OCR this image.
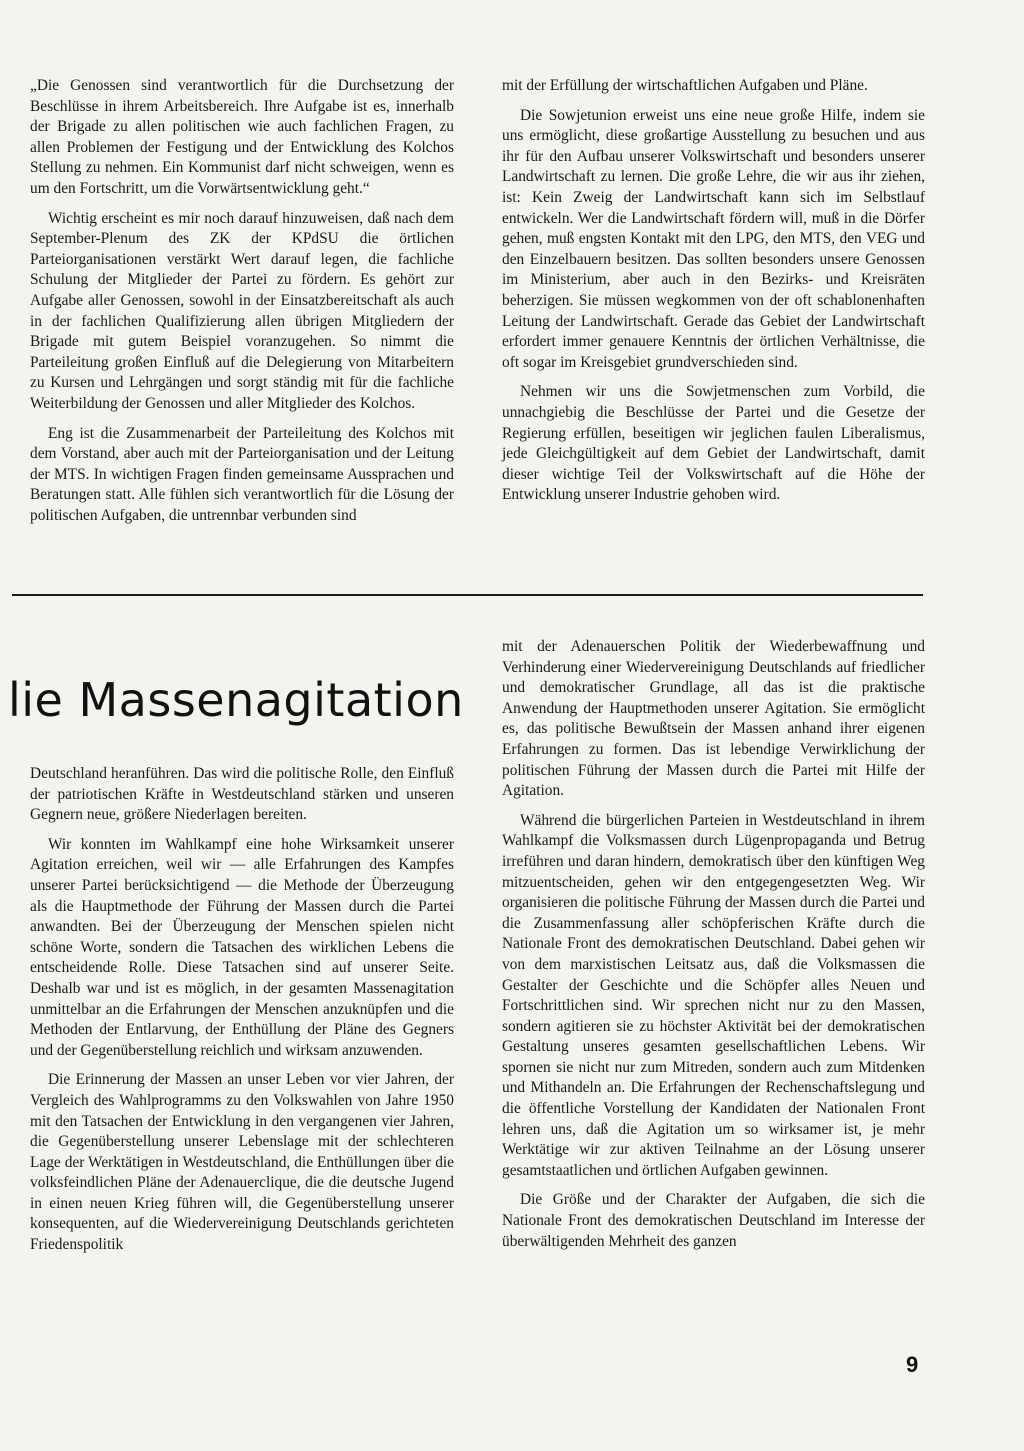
„Die Genossen sind verantwortlich für die Durchsetzung der Beschlüsse in ihrem Arbeitsbereich. Ihre Aufgabe ist es, innerhalb der Brigade zu allen politischen wie auch fachlichen Fragen, zu allen Problemen der Festigung und der Entwicklung des Kolchos Stellung zu nehmen. Ein Kommunist darf nicht schweigen, wenn es um den Fortschritt, um die Vorwärtsentwicklung geht.“

Wichtig erscheint es mir noch darauf hinzuweisen, daß nach dem September-Plenum des ZK der KPdSU die örtlichen Parteiorganisationen verstärkt Wert darauf legen, die fachliche Schulung der Mitglieder der Partei zu fördern. Es gehört zur Aufgabe aller Genossen, sowohl in der Einsatzbereitschaft als auch in der fachlichen Qualifizierung allen übrigen Mitgliedern der Brigade mit gutem Beispiel voranzugehen. So nimmt die Parteileitung großen Einfluß auf die Delegierung von Mitarbeitern zu Kursen und Lehrgängen und sorgt ständig mit für die fachliche Weiterbildung der Genossen und aller Mitglieder des Kolchos.

Eng ist die Zusammenarbeit der Parteileitung des Kolchos mit dem Vorstand, aber auch mit der Parteiorganisation und der Leitung der MTS. In wichtigen Fragen finden gemeinsame Aussprachen und Beratungen statt. Alle fühlen sich verantwortlich für die Lösung der politischen Aufgaben, die untrennbar verbunden sind

mit der Erfüllung der wirtschaftlichen Aufgaben und Pläne.

Die Sowjetunion erweist uns eine neue große Hilfe, indem sie uns ermöglicht, diese großartige Ausstellung zu besuchen und aus ihr für den Aufbau unserer Volkswirtschaft und besonders unserer Landwirtschaft zu lernen. Die große Lehre, die wir aus ihr ziehen, ist: Kein Zweig der Landwirtschaft kann sich im Selbstlauf entwickeln. Wer die Landwirtschaft fördern will, muß in die Dörfer gehen, muß engsten Kontakt mit den LPG, den MTS, den VEG und den Einzelbauern besitzen. Das sollten besonders unsere Genossen im Ministerium, aber auch in den Bezirks- und Kreisräten beherzigen. Sie müssen wegkommen von der oft schablonenhaften Leitung der Landwirtschaft. Gerade das Gebiet der Landwirtschaft erfordert immer genauere Kenntnis der örtlichen Verhältnisse, die oft sogar im Kreisgebiet grundverschieden sind.

Nehmen wir uns die Sowjetmenschen zum Vorbild, die unnachgiebig die Beschlüsse der Partei und die Gesetze der Regierung erfüllen, beseitigen wir jeglichen faulen Liberalismus, jede Gleichgültigkeit auf dem Gebiet der Landwirtschaft, damit dieser wichtige Teil der Volkswirtschaft auf die Höhe der Entwicklung unserer Industrie gehoben wird.

lie Massenagitation

Deutschland heranführen. Das wird die politische Rolle, den Einfluß der patriotischen Kräfte in Westdeutschland stärken und unseren Gegnern neue, größere Niederlagen bereiten.

Wir konnten im Wahlkampf eine hohe Wirksamkeit unserer Agitation erreichen, weil wir — alle Erfahrungen des Kampfes unserer Partei berücksichtigend — die Methode der Überzeugung als die Hauptmethode der Führung der Massen durch die Partei anwandten. Bei der Überzeugung der Menschen spielen nicht schöne Worte, sondern die Tatsachen des wirklichen Lebens die entscheidende Rolle. Diese Tatsachen sind auf unserer Seite. Deshalb war und ist es möglich, in der gesamten Massenagitation unmittelbar an die Erfahrungen der Menschen anzuknüpfen und die Methoden der Entlarvung, der Enthüllung der Pläne des Gegners und der Gegenüberstellung reichlich und wirksam anzuwenden.

Die Erinnerung der Massen an unser Leben vor vier Jahren, der Vergleich des Wahlprogramms zu den Volkswahlen von Jahre 1950 mit den Tatsachen der Entwicklung in den vergangenen vier Jahren, die Gegenüberstellung unserer Lebenslage mit der schlechteren Lage der Werktätigen in Westdeutschland, die Enthüllungen über die volksfeindlichen Pläne der Adenauerclique, die die deutsche Jugend in einen neuen Krieg führen will, die Gegenüberstellung unserer konsequenten, auf die Wiedervereinigung Deutschlands gerichteten Friedenspolitik

mit der Adenauerschen Politik der Wiederbewaffnung und Verhinderung einer Wiedervereinigung Deutschlands auf friedlicher und demokratischer Grundlage, all das ist die praktische Anwendung der Hauptmethoden unserer Agitation. Sie ermöglicht es, das politische Bewußtsein der Massen anhand ihrer eigenen Erfahrungen zu formen. Das ist lebendige Verwirklichung der politischen Führung der Massen durch die Partei mit Hilfe der Agitation.

Während die bürgerlichen Parteien in Westdeutschland in ihrem Wahlkampf die Volksmassen durch Lügenpropaganda und Betrug irreführen und daran hindern, demokratisch über den künftigen Weg mitzuentscheiden, gehen wir den entgegengesetzten Weg. Wir organisieren die politische Führung der Massen durch die Partei und die Zusammenfassung aller schöpferischen Kräfte durch die Nationale Front des demokratischen Deutschland. Dabei gehen wir von dem marxistischen Leitsatz aus, daß die Volksmassen die Gestalter der Geschichte und die Schöpfer alles Neuen und Fortschrittlichen sind. Wir sprechen nicht nur zu den Massen, sondern agitieren sie zu höchster Aktivität bei der demokratischen Gestaltung unseres gesamten gesellschaftlichen Lebens. Wir spornen sie nicht nur zum Mitreden, sondern auch zum Mitdenken und Mithandeln an. Die Erfahrungen der Rechenschaftslegung und die öffentliche Vorstellung der Kandidaten der Nationalen Front lehren uns, daß die Agitation um so wirksamer ist, je mehr Werktätige wir zur aktiven Teilnahme an der Lösung unserer gesamtstaatlichen und örtlichen Aufgaben gewinnen.

Die Größe und der Charakter der Aufgaben, die sich die Nationale Front des demokratischen Deutschland im Interesse der überwältigenden Mehrheit des ganzen

9
